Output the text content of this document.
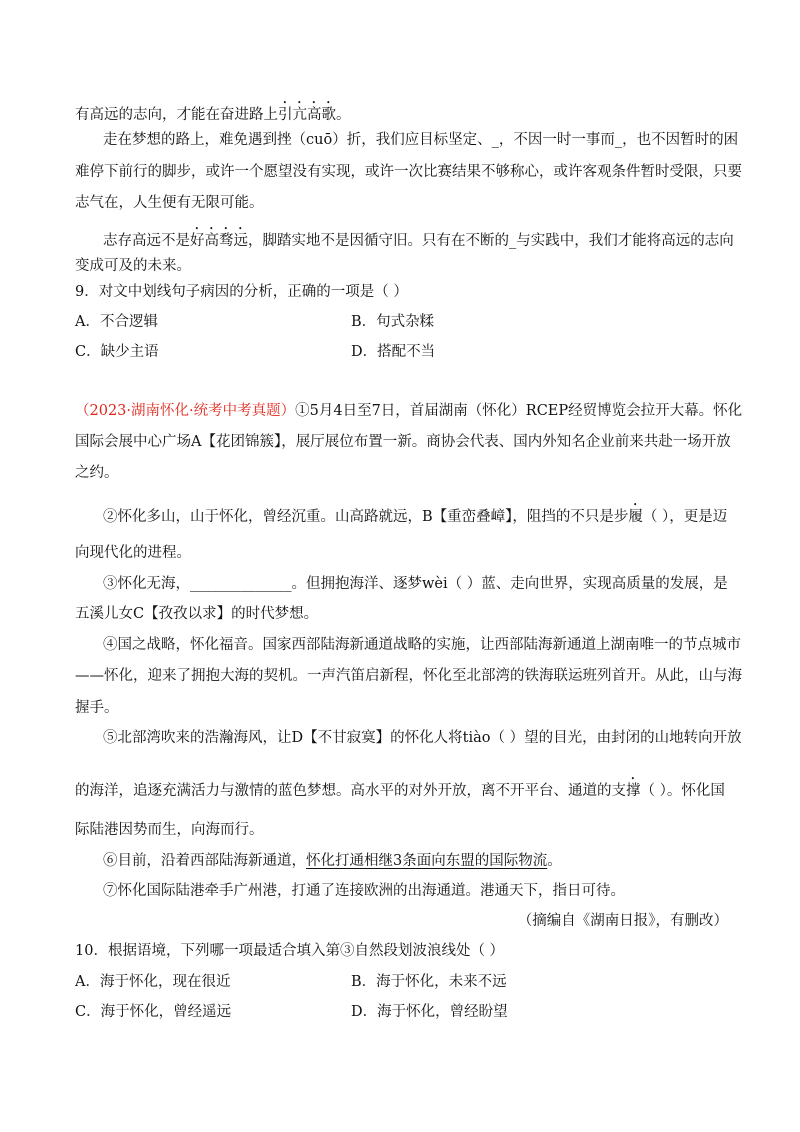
有高远的志向，才能在奋进路上引亢高歌。
走在梦想的路上，难免遇到挫（cuō）折，我们应目标坚定、_，不因一时一事而_，也不因暂时的困
难停下前行的脚步，或许一个愿望没有实现，或许一次比赛结果不够称心，或许客观条件暂时受限，只要
志气在，人生便有无限可能。
志存高远不是好高骛远，脚踏实地不是因循守旧。只有在不断的_与实践中，我们才能将高远的志向
变成可及的未来。
9．对文中划线句子病因的分析，正确的一项是（ ）
A．不合逻辑	B．句式杂糅
C．缺少主语	D．搭配不当
（2023·湖南怀化·统考中考真题）①5月4日至7日，首届湖南（怀化）RCEP经贸博览会拉开大幕。怀化
国际会展中心广场A【花团锦簇】，展厅展位布置一新。商协会代表、国内外知名企业前来共赴一场开放
之约。
②怀化多山，山于怀化，曾经沉重。山高路就远，B【重峦叠嶂】，阻挡的不只是步履（ ），更是迈
向现代化的进程。
③怀化无海，______________。但拥抱海洋、逐梦wèi（ ）蓝、走向世界，实现高质量的发展，是
五溪儿女C【孜孜以求】的时代梦想。
④国之战略，怀化福音。国家西部陆海新通道战略的实施，让西部陆海新通道上湖南唯一的节点城市
——怀化，迎来了拥抱大海的契机。一声汽笛启新程，怀化至北部湾的铁海联运班列首开。从此，山与海
握手。
⑤北部湾吹来的浩瀚海风，让D【不甘寂寞】的怀化人将tiào（ ）望的目光，由封闭的山地转向开放
的海洋，追逐充满活力与激情的蓝色梦想。高水平的对外开放，离不开平台、通道的支撑（ ）。怀化国
际陆港因势而生，向海而行。
⑥目前，沿着西部陆海新通道，怀化打通相继3条面向东盟的国际物流。
⑦怀化国际陆港牵手广州港，打通了连接欧洲的出海通道。港通天下，指日可待。
（摘编自《湖南日报》，有删改）
10．根据语境，下列哪一项最适合填入第③自然段划波浪线处（ ）
A．海于怀化，现在很近	B．海于怀化，未来不远
C．海于怀化，曾经遥远	D．海于怀化，曾经盼望
